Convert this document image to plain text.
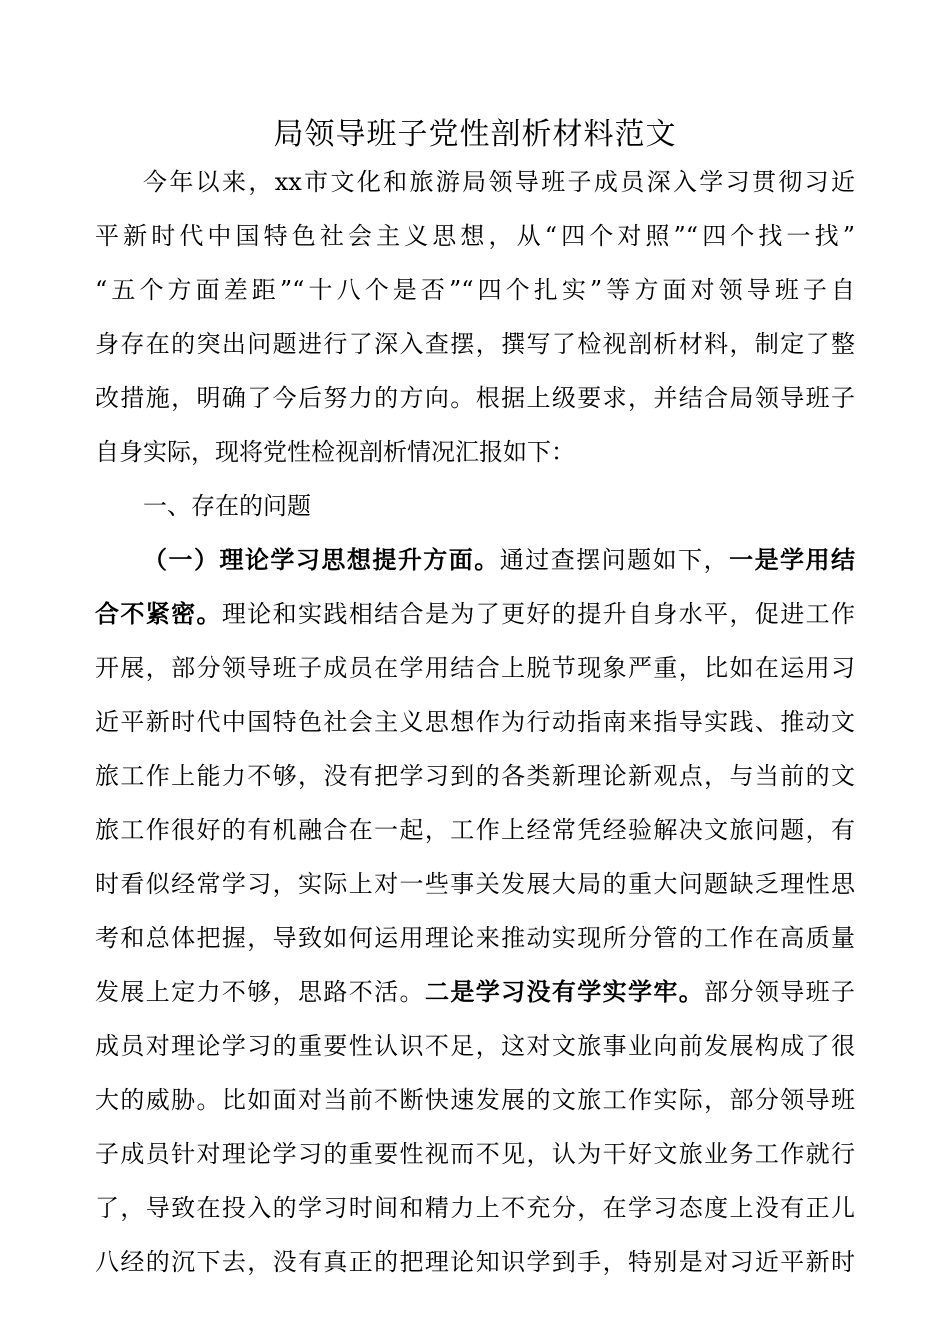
局领导班子党性剖析材料范文
今年以来，xx市文化和旅游局领导班子成员深入学习贯彻习近
平新时代中国特色社会主义思想，从“四个对照”“四个找一找”
“五个方面差距”“十八个是否”“四个扎实”等方面对领导班子自
身存在的突出问题进行了深入查摆，撰写了检视剖析材料，制定了整
改措施，明确了今后努力的方向。根据上级要求，并结合局领导班子
自身实际，现将党性检视剖析情况汇报如下：
一、存在的问题
（一）理论学习思想提升方面。通过查摆问题如下，一是学用结
合不紧密。理论和实践相结合是为了更好的提升自身水平，促进工作
开展，部分领导班子成员在学用结合上脱节现象严重，比如在运用习
近平新时代中国特色社会主义思想作为行动指南来指导实践、推动文
旅工作上能力不够，没有把学习到的各类新理论新观点，与当前的文
旅工作很好的有机融合在一起，工作上经常凭经验解决文旅问题，有
时看似经常学习，实际上对一些事关发展大局的重大问题缺乏理性思
考和总体把握，导致如何运用理论来推动实现所分管的工作在高质量
发展上定力不够，思路不活。二是学习没有学实学牢。部分领导班子
成员对理论学习的重要性认识不足，这对文旅事业向前发展构成了很
大的威胁。比如面对当前不断快速发展的文旅工作实际，部分领导班
子成员针对理论学习的重要性视而不见，认为干好文旅业务工作就行
了，导致在投入的学习时间和精力上不充分，在学习态度上没有正儿
八经的沉下去，没有真正的把理论知识学到手，特别是对习近平新时
